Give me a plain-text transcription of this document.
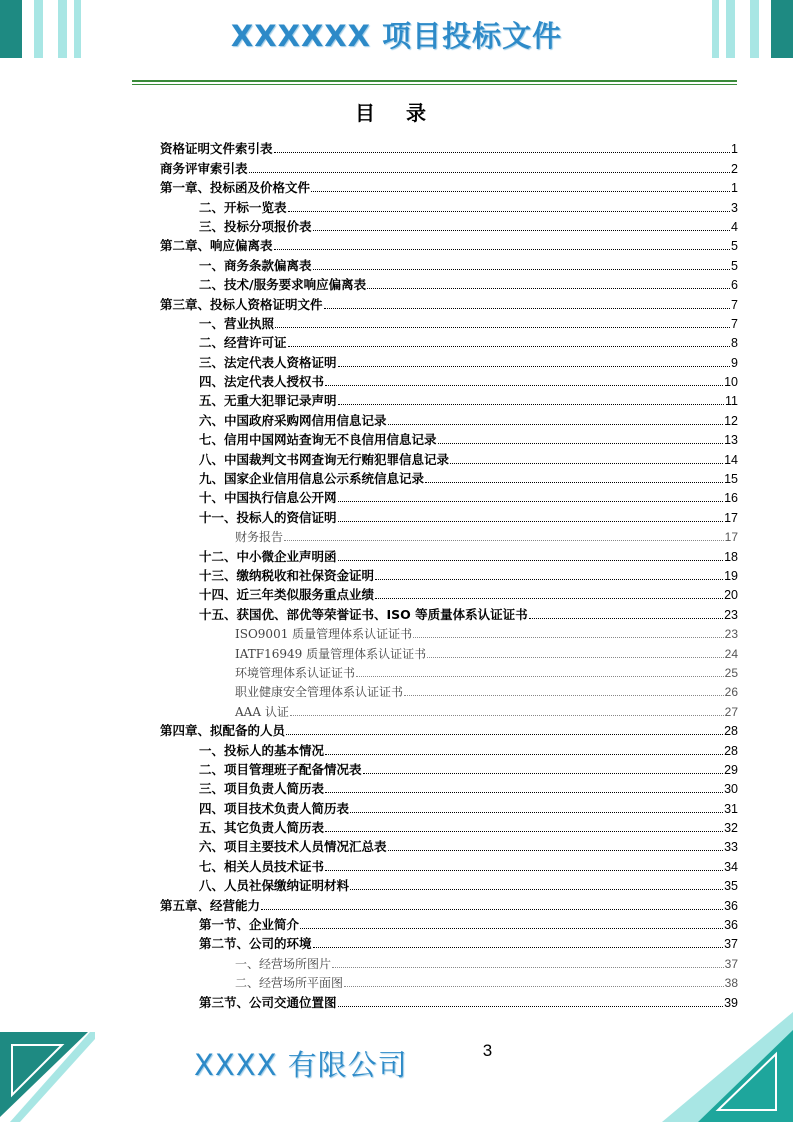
XXXXXX 项目投标文件
目 录
资格证明文件索引表	1
商务评审索引表	2
第一章、投标函及价格文件	1
二、开标一览表	3
三、投标分项报价表	4
第二章、响应偏离表	5
一、商务条款偏离表	5
二、技术/服务要求响应偏离表	6
第三章、投标人资格证明文件	7
一、营业执照	7
二、经营许可证	8
三、法定代表人资格证明	9
四、法定代表人授权书	10
五、无重大犯罪记录声明	11
六、中国政府采购网信用信息记录	12
七、信用中国网站查询无不良信用信息记录	13
八、中国裁判文书网查询无行贿犯罪信息记录	14
九、国家企业信用信息公示系统信息记录	15
十、中国执行信息公开网	16
十一、投标人的资信证明	17
财务报告	17
十二、中小微企业声明函	18
十三、缴纳税收和社保资金证明	19
十四、近三年类似服务重点业绩	20
十五、获国优、部优等荣誉证书、ISO 等质量体系认证证书	23
ISO9001 质量管理体系认证证书	23
IATF16949 质量管理体系认证证书	24
环境管理体系认证证书	25
职业健康安全管理体系认证证书	26
AAA 认证	27
第四章、拟配备的人员	28
一、投标人的基本情况	28
二、项目管理班子配备情况表	29
三、项目负责人简历表	30
四、项目技术负责人简历表	31
五、其它负责人简历表	32
六、项目主要技术人员情况汇总表	33
七、相关人员技术证书	34
八、人员社保缴纳证明材料	35
第五章、经营能力	36
第一节、企业简介	36
第二节、公司的环境	37
一、经营场所图片	37
二、经营场所平面图	38
第三节、公司交通位置图	39
3
XXXX 有限公司
